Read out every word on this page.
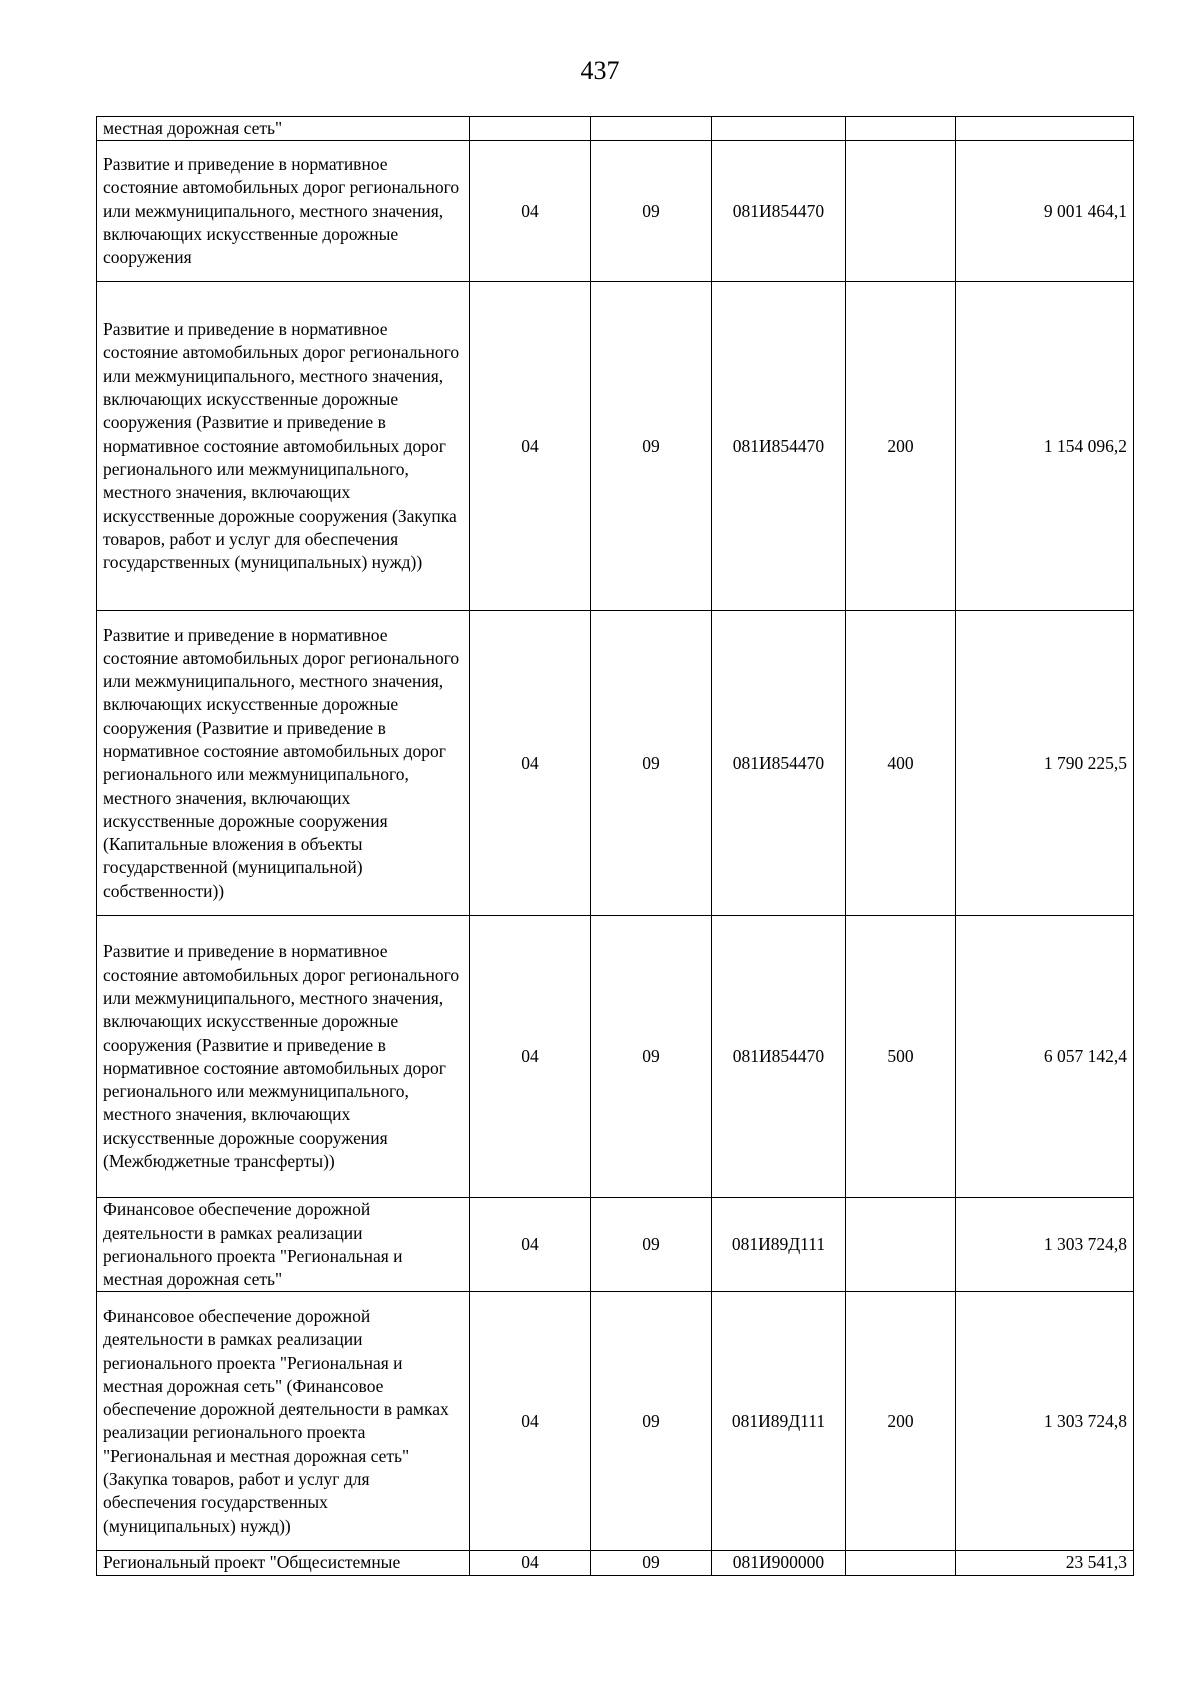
437
местная дорожная сеть"					
Развитие и приведение в нормативное состояние автомобильных дорог регионального или межмуниципального, местного значения, включающих искусственные дорожные сооружения	04	09	081И854470		9 001 464,1
Развитие и приведение в нормативное состояние автомобильных дорог регионального или межмуниципального, местного значения, включающих искусственные дорожные сооружения (Развитие и приведение в нормативное состояние автомобильных дорог регионального или межмуниципального, местного значения, включающих искусственные дорожные сооружения (Закупка товаров, работ и услуг для обеспечения государственных (муниципальных) нужд))	04	09	081И854470	200	1 154 096,2
Развитие и приведение в нормативное состояние автомобильных дорог регионального или межмуниципального, местного значения, включающих искусственные дорожные сооружения (Развитие и приведение в нормативное состояние автомобильных дорог регионального или межмуниципального, местного значения, включающих искусственные дорожные сооружения (Капитальные вложения в объекты государственной (муниципальной) собственности))	04	09	081И854470	400	1 790 225,5
Развитие и приведение в нормативное состояние автомобильных дорог регионального или межмуниципального, местного значения, включающих искусственные дорожные сооружения (Развитие и приведение в нормативное состояние автомобильных дорог регионального или межмуниципального, местного значения, включающих искусственные дорожные сооружения (Межбюджетные трансферты))	04	09	081И854470	500	6 057 142,4
Финансовое обеспечение дорожной деятельности в рамках реализации регионального проекта "Региональная и местная дорожная сеть"	04	09	081И89Д111		1 303 724,8
Финансовое обеспечение дорожной деятельности в рамках реализации регионального проекта "Региональная и местная дорожная сеть" (Финансовое обеспечение дорожной деятельности в рамках реализации регионального проекта "Региональная и местная дорожная сеть" (Закупка товаров, работ и услуг для обеспечения государственных (муниципальных) нужд))	04	09	081И89Д111	200	1 303 724,8
Региональный проект "Общесистемные	04	09	081И900000		23 541,3
